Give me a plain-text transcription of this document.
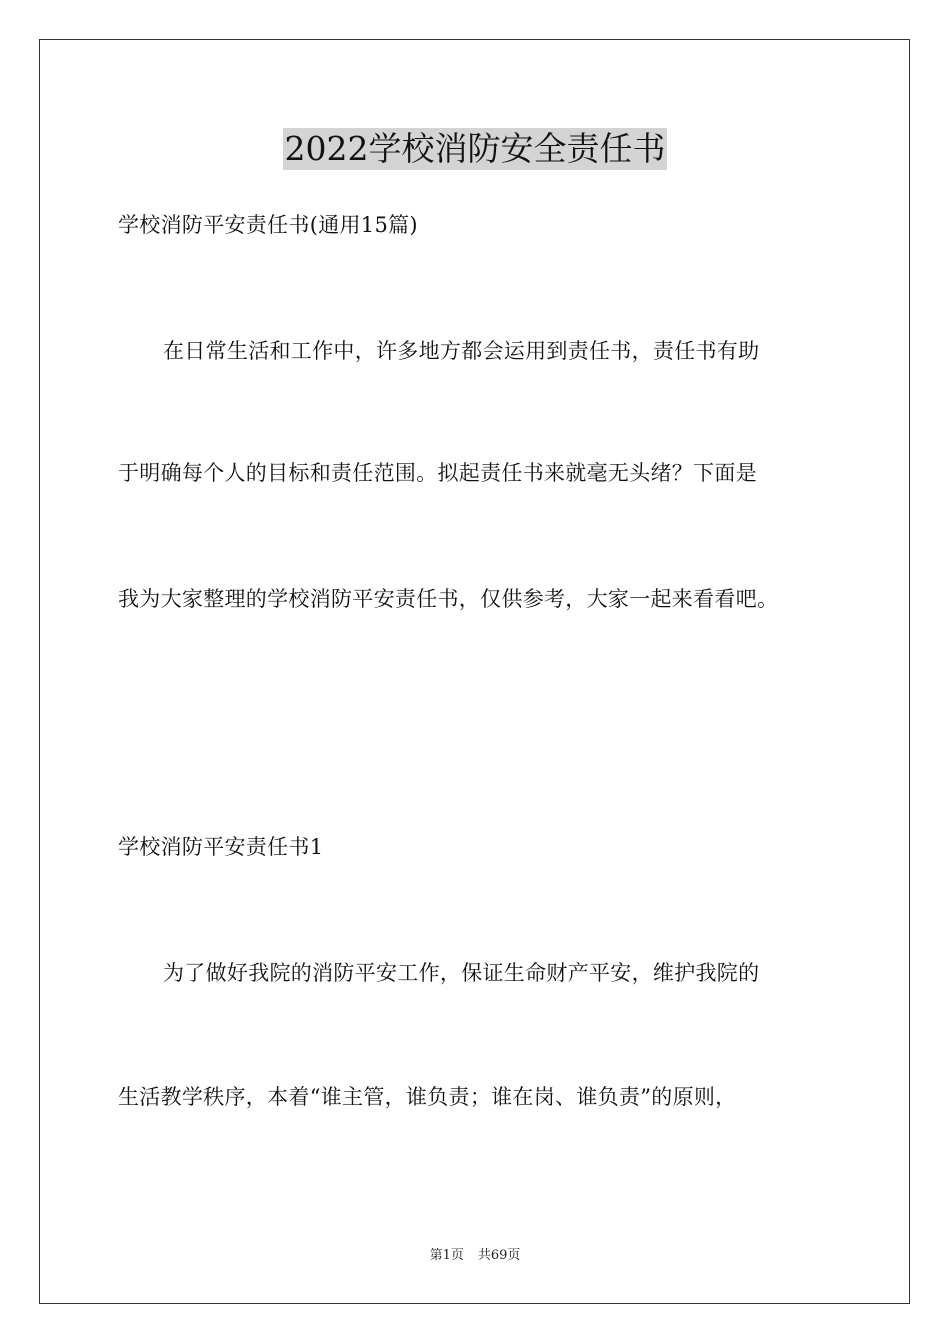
2022学校消防安全责任书
学校消防平安责任书(通用15篇)
在日常生活和工作中，许多地方都会运用到责任书，责任书有助
于明确每个人的目标和责任范围。拟起责任书来就毫无头绪？下面是
我为大家整理的学校消防平安责任书，仅供参考，大家一起来看看吧。
学校消防平安责任书1
为了做好我院的消防平安工作，保证生命财产平安，维护我院的
生活教学秩序，本着“谁主管，谁负责；谁在岗、谁负责”的原则，
第1页 共69页
